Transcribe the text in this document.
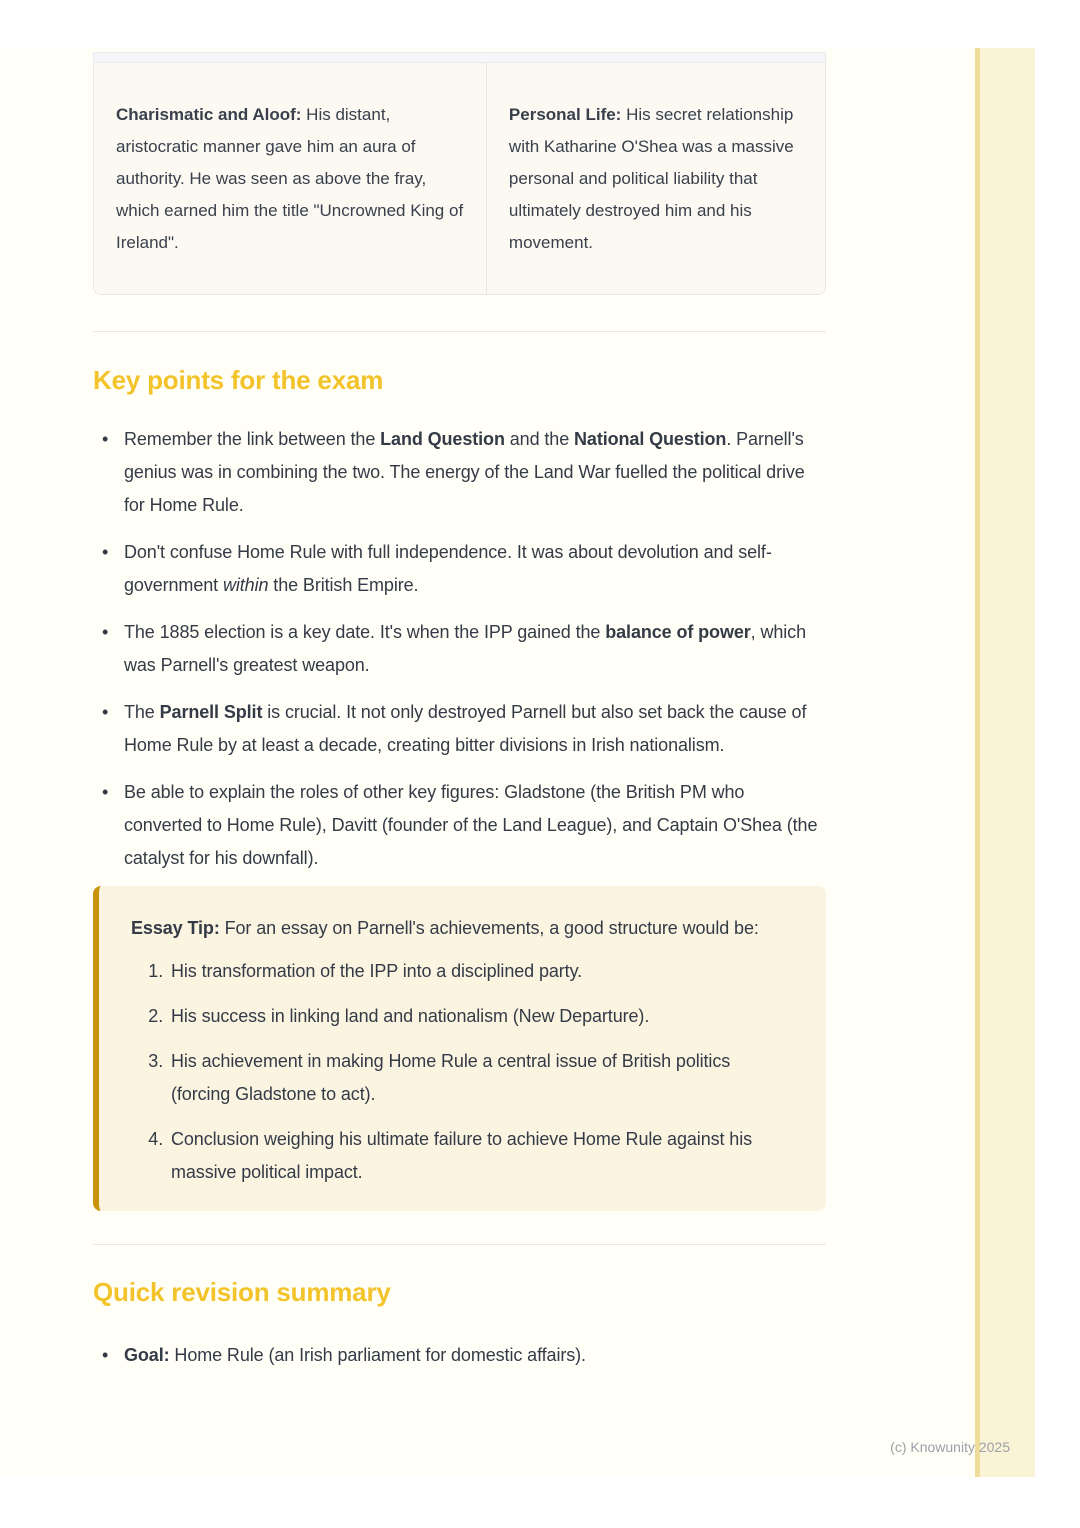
Charismatic and Aloof: His distant, aristocratic manner gave him an aura of authority. He was seen as above the fray, which earned him the title "Uncrowned King of Ireland".
Personal Life: His secret relationship with Katharine O'Shea was a massive personal and political liability that ultimately destroyed him and his movement.
Key points for the exam
• Remember the link between the Land Question and the National Question. Parnell's genius was in combining the two. The energy of the Land War fuelled the political drive for Home Rule.
• Don't confuse Home Rule with full independence. It was about devolution and self-government within the British Empire.
• The 1885 election is a key date. It's when the IPP gained the balance of power, which was Parnell's greatest weapon.
• The Parnell Split is crucial. It not only destroyed Parnell but also set back the cause of Home Rule by at least a decade, creating bitter divisions in Irish nationalism.
• Be able to explain the roles of other key figures: Gladstone (the British PM who converted to Home Rule), Davitt (founder of the Land League), and Captain O'Shea (the catalyst for his downfall).

Essay Tip: For an essay on Parnell's achievements, a good structure would be:

1. His transformation of the IPP into a disciplined party.
2. His success in linking land and nationalism (New Departure).
3. His achievement in making Home Rule a central issue of British politics (forcing Gladstone to act).
4. Conclusion weighing his ultimate failure to achieve Home Rule against his massive political impact.
Quick revision summary
• Goal: Home Rule (an Irish parliament for domestic affairs).
(c) Knowunity 2025
